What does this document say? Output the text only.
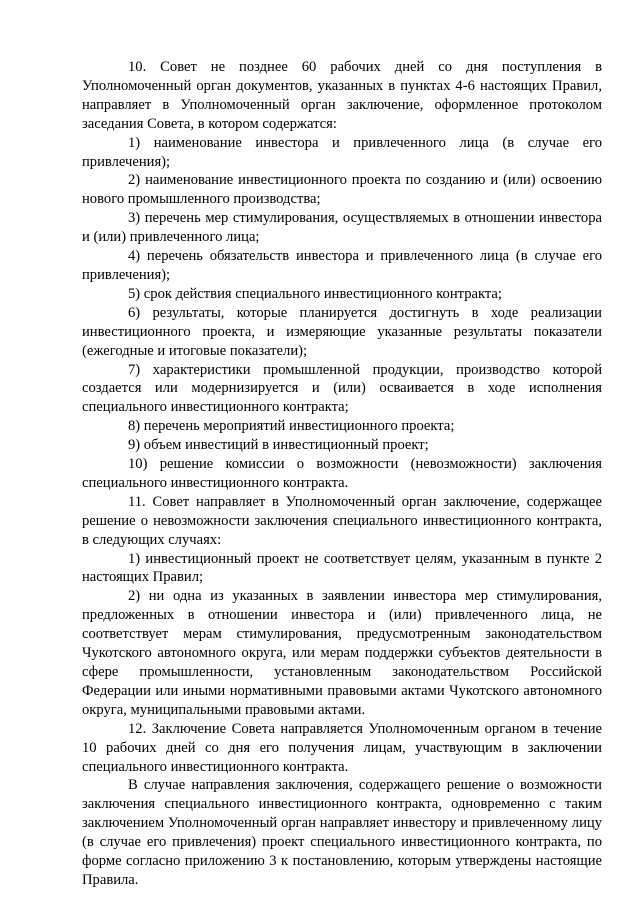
10. Совет не позднее 60 рабочих дней со дня поступления в Уполномоченный орган документов, указанных в пунктах 4-6 настоящих Правил, направляет в Уполномоченный орган заключение, оформленное протоколом заседания Совета, в котором содержатся:

1) наименование инвестора и привлеченного лица (в случае его привлечения);

2) наименование инвестиционного проекта по созданию и (или) освоению нового промышленного производства;

3) перечень мер стимулирования, осуществляемых в отношении инвестора и (или) привлеченного лица;

4) перечень обязательств инвестора и привлеченного лица (в случае его привлечения);

5) срок действия специального инвестиционного контракта;

6) результаты, которые планируется достигнуть в ходе реализации инвестиционного проекта, и измеряющие указанные результаты показатели (ежегодные и итоговые показатели);

7) характеристики промышленной продукции, производство которой создается или модернизируется и (или) осваивается в ходе исполнения специального инвестиционного контракта;

8) перечень мероприятий инвестиционного проекта;

9) объем инвестиций в инвестиционный проект;

10) решение комиссии о возможности (невозможности) заключения специального инвестиционного контракта.

11. Совет направляет в Уполномоченный орган заключение, содержащее решение о невозможности заключения специального инвестиционного контракта, в следующих случаях:

1) инвестиционный проект не соответствует целям, указанным в пункте 2 настоящих Правил;

2) ни одна из указанных в заявлении инвестора мер стимулирования, предложенных в отношении инвестора и (или) привлеченного лица, не соответствует мерам стимулирования, предусмотренным законодательством Чукотского автономного округа, или мерам поддержки субъектов деятельности в сфере промышленности, установленным законодательством Российской Федерации или иными нормативными правовыми актами Чукотского автономного округа, муниципальными правовыми актами.

12. Заключение Совета направляется Уполномоченным органом в течение 10 рабочих дней со дня его получения лицам, участвующим в заключении специального инвестиционного контракта.

В случае направления заключения, содержащего решение о возможности заключения специального инвестиционного контракта, одновременно с таким заключением Уполномоченный орган направляет инвестору и привлеченному лицу (в случае его привлечения) проект специального инвестиционного контракта, по форме согласно приложению 3 к постановлению, которым утверждены настоящие Правила.
